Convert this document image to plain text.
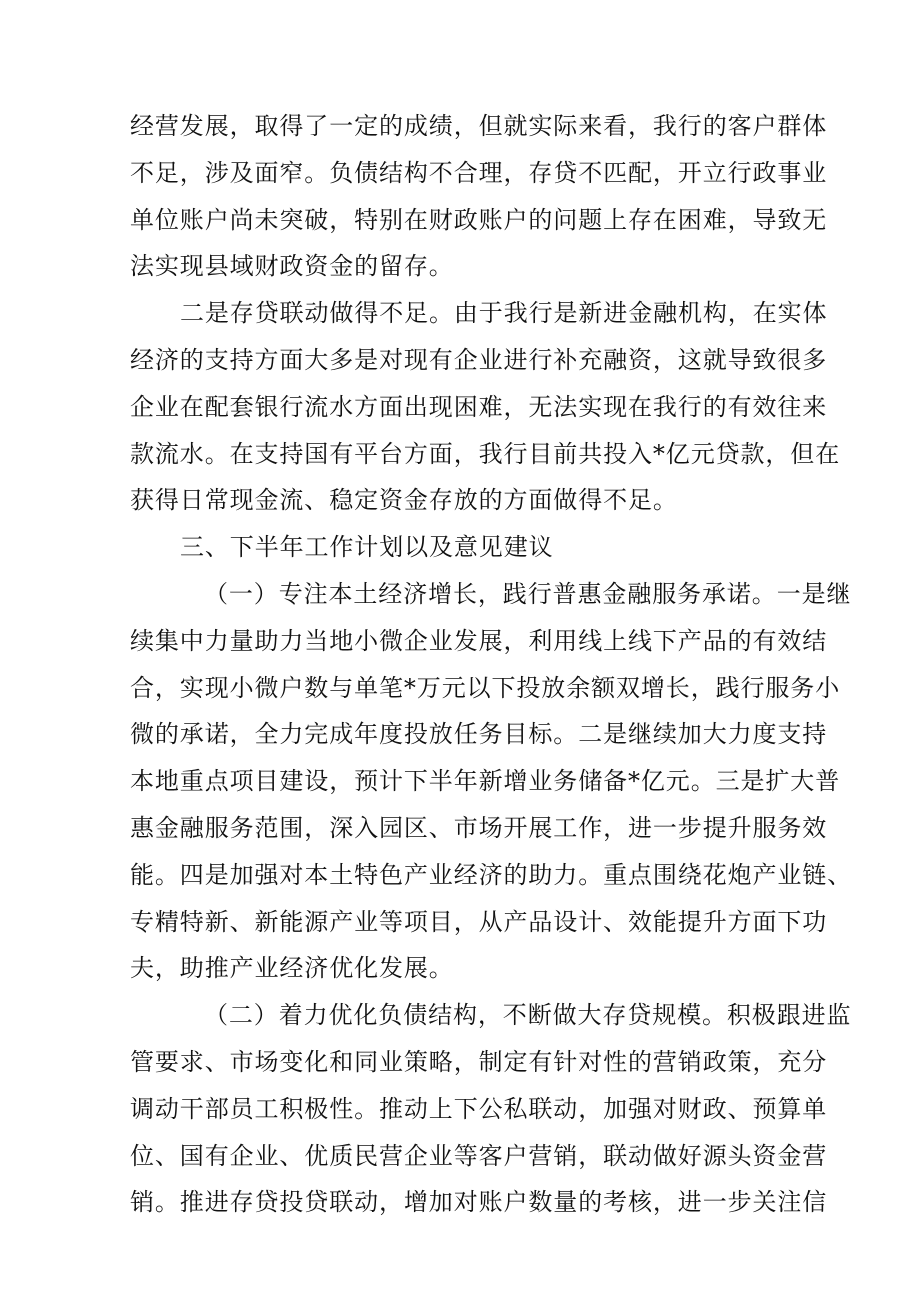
经营发展，取得了一定的成绩，但就实际来看，我行的客户群体
不足，涉及面窄。负债结构不合理，存贷不匹配，开立行政事业
单位账户尚未突破，特别在财政账户的问题上存在困难，导致无
法实现县域财政资金的留存。
二是存贷联动做得不足。由于我行是新进金融机构，在实体
经济的支持方面大多是对现有企业进行补充融资，这就导致很多
企业在配套银行流水方面出现困难，无法实现在我行的有效往来
款流水。在支持国有平台方面，我行目前共投入*亿元贷款，但在
获得日常现金流、稳定资金存放的方面做得不足。
三、下半年工作计划以及意见建议
（一）专注本土经济增长，践行普惠金融服务承诺。一是继
续集中力量助力当地小微企业发展，利用线上线下产品的有效结
合，实现小微户数与单笔*万元以下投放余额双增长，践行服务小
微的承诺，全力完成年度投放任务目标。二是继续加大力度支持
本地重点项目建设，预计下半年新增业务储备*亿元。三是扩大普
惠金融服务范围，深入园区、市场开展工作，进一步提升服务效
能。四是加强对本土特色产业经济的助力。重点围绕花炮产业链、
专精特新、新能源产业等项目，从产品设计、效能提升方面下功
夫，助推产业经济优化发展。
（二）着力优化负债结构，不断做大存贷规模。积极跟进监
管要求、市场变化和同业策略，制定有针对性的营销政策，充分
调动干部员工积极性。推动上下公私联动，加强对财政、预算单
位、国有企业、优质民营企业等客户营销，联动做好源头资金营
销。推进存贷投贷联动，增加对账户数量的考核，进一步关注信
